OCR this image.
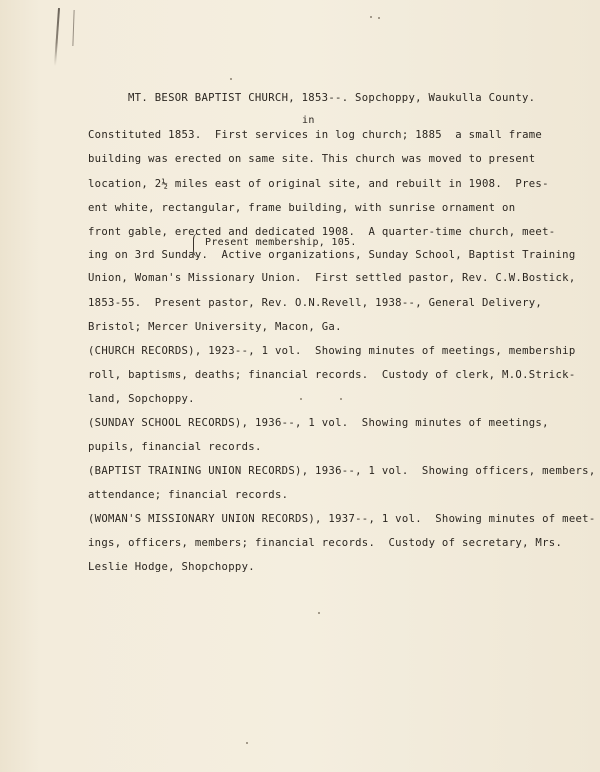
MT. BESOR BAPTIST CHURCH, 1853--. Sopchoppy, Waukulla County.
in
Constituted 1853.  First services in log church; 1885  a small frame
building was erected on same site. This church was moved to present
location, 2½ miles east of original site, and rebuilt in 1908.  Pres-
ent white, rectangular, frame building, with sunrise ornament on
front gable, erected and dedicated 1908.  A quarter-time church, meet-
Present membership, 105.
ing on 3rd Sunday.  Active organizations, Sunday School, Baptist Training
Union, Woman's Missionary Union.  First settled pastor, Rev. C.W.Bostick,
1853-55.  Present pastor, Rev. O.N.Revell, 1938--, General Delivery,
Bristol; Mercer University, Macon, Ga.
(CHURCH RECORDS), 1923--, 1 vol.  Showing minutes of meetings, membership
roll, baptisms, deaths; financial records.  Custody of clerk, M.O.Strick-
land, Sopchoppy.
(SUNDAY SCHOOL RECORDS), 1936--, 1 vol.  Showing minutes of meetings,
pupils, financial records.
(BAPTIST TRAINING UNION RECORDS), 1936--, 1 vol.  Showing officers, members,
attendance; financial records.
(WOMAN'S MISSIONARY UNION RECORDS), 1937--, 1 vol.  Showing minutes of meet-
ings, officers, members; financial records.  Custody of secretary, Mrs.
Leslie Hodge, Shopchoppy.
